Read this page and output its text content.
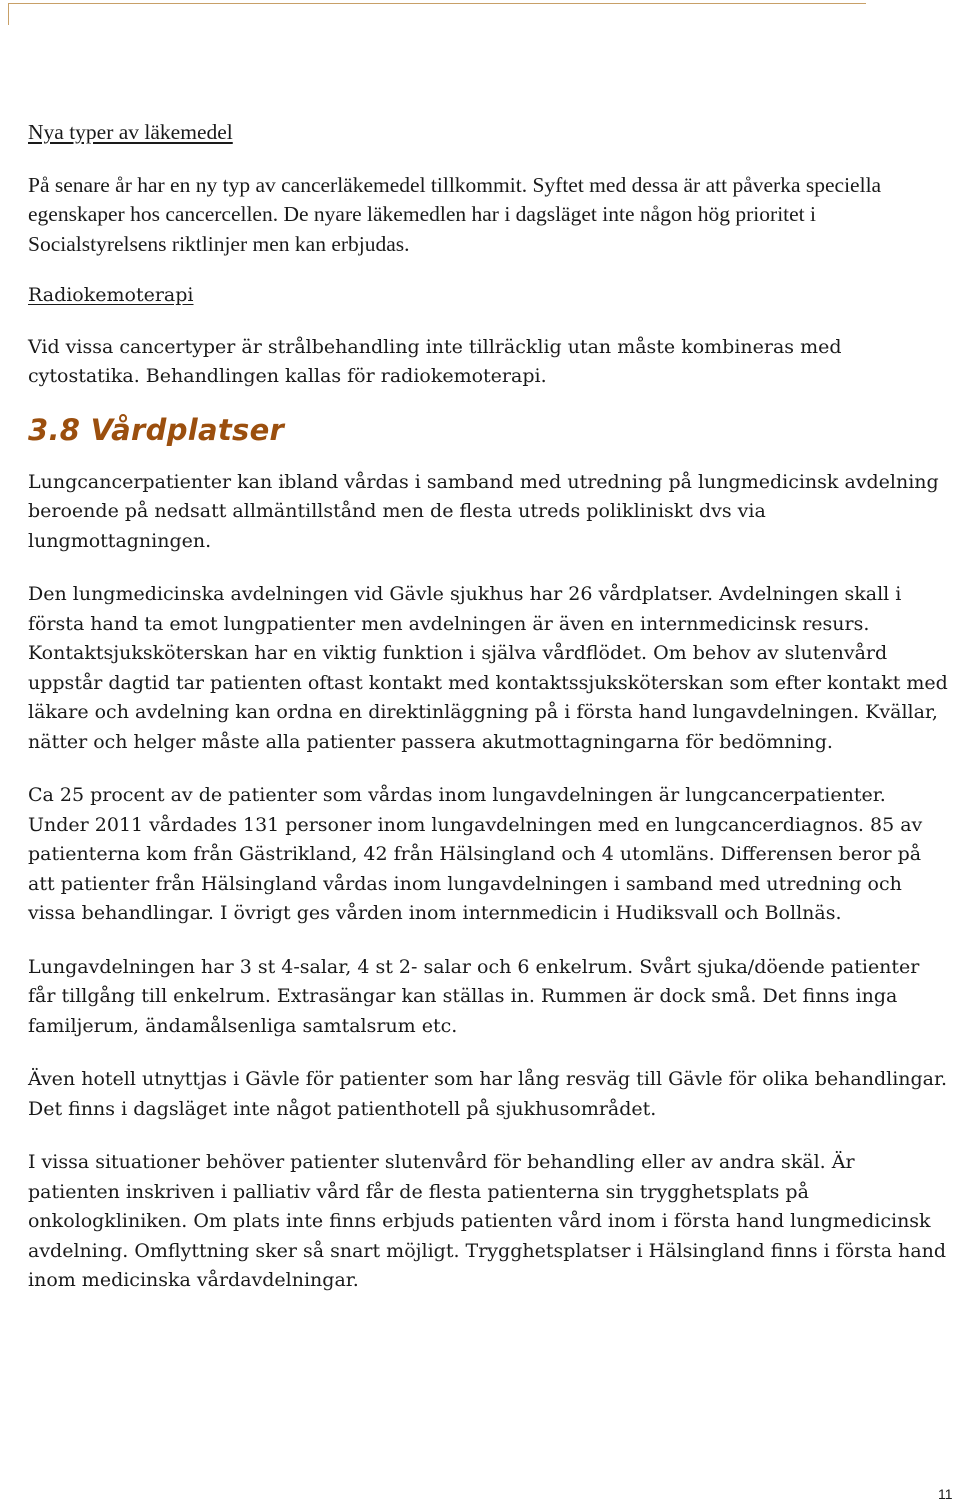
Nya typer av läkemedel

På senare år har en ny typ av cancerläkemedel tillkommit. Syftet med dessa är att påverka speciella egenskaper hos cancercellen. De nyare läkemedlen har i dagsläget inte någon hög prioritet i Socialstyrelsens riktlinjer men kan erbjudas.

Radiokemoterapi

Vid vissa cancertyper är strålbehandling inte tillräcklig utan måste kombineras med cytostatika. Behandlingen kallas för radiokemoterapi.

3.8 Vårdplatser

Lungcancerpatienter kan ibland vårdas i samband med utredning på lungmedicinsk avdelning beroende på nedsatt allmäntillstånd men de flesta utreds polikliniskt dvs via lungmottagningen.

Den lungmedicinska avdelningen vid Gävle sjukhus har 26 vårdplatser. Avdelningen skall i första hand ta emot lungpatienter men avdelningen är även en internmedicinsk resurs. Kontaktsjuksköterskan har en viktig funktion i själva vårdflödet. Om behov av slutenvård uppstår dagtid tar patienten oftast kontakt med kontaktssjuksköterskan som efter kontakt med läkare och avdelning kan ordna en direktinläggning på i första hand lungavdelningen. Kvällar, nätter och helger måste alla patienter passera akutmottagningarna för bedömning.

Ca 25 procent av de patienter som vårdas inom lungavdelningen är lungcancerpatienter. Under 2011 vårdades 131 personer inom lungavdelningen med en lungcancerdiagnos. 85 av patienterna kom från Gästrikland, 42 från Hälsingland och 4 utomläns. Differensen beror på att patienter från Hälsingland vårdas inom lungavdelningen i samband med utredning och vissa behandlingar. I övrigt ges vården inom internmedicin i Hudiksvall och Bollnäs.

Lungavdelningen har 3 st 4-salar, 4 st 2- salar och 6 enkelrum. Svårt sjuka/döende patienter får tillgång till enkelrum. Extrasängar kan ställas in. Rummen är dock små. Det finns inga familjerum, ändamålsenliga samtalsrum etc.

Även hotell utnyttjas i Gävle för patienter som har lång resväg till Gävle för olika behandlingar. Det finns i dagsläget inte något patienthotell på sjukhusområdet.

I vissa situationer behöver patienter slutenvård för behandling eller av andra skäl. Är patienten inskriven i palliativ vård får de flesta patienterna sin trygghetsplats på onkologkliniken. Om plats inte finns erbjuds patienten vård inom i första hand lungmedicinsk avdelning. Omflyttning sker så snart möjligt. Trygghetsplatser i Hälsingland finns i första hand inom medicinska vårdavdelningar.

11
